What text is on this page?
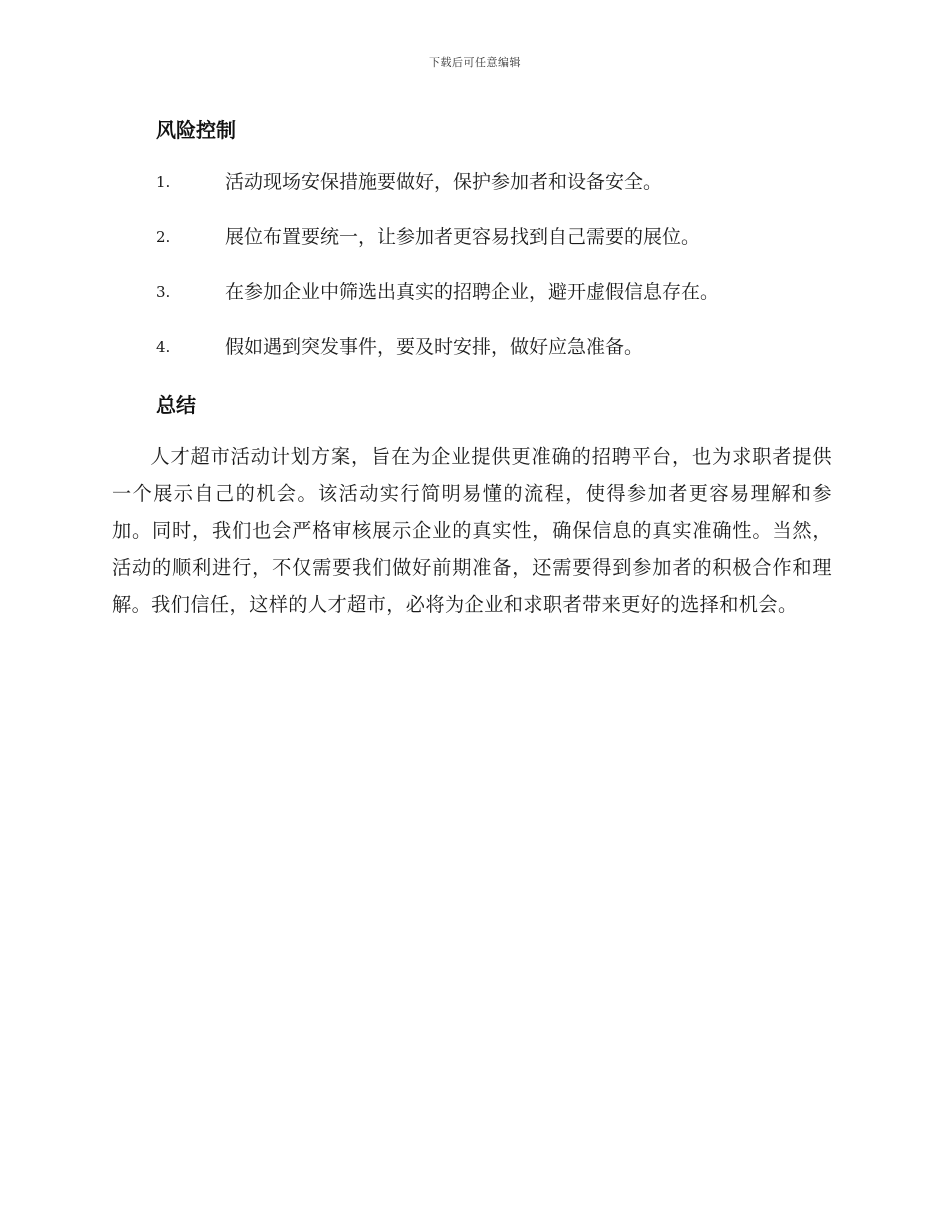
下载后可任意编辑
风险控制
1.	活动现场安保措施要做好，保护参加者和设备安全。
2.	展位布置要统一，让参加者更容易找到自己需要的展位。
3.	在参加企业中筛选出真实的招聘企业，避开虚假信息存在。
4.	假如遇到突发事件，要及时安排，做好应急准备。
总结

人才超市活动计划方案，旨在为企业提供更准确的招聘平台，也为求职者提供一个展示自己的机会。该活动实行简明易懂的流程，使得参加者更容易理解和参加。同时，我们也会严格审核展示企业的真实性，确保信息的真实准确性。当然，活动的顺利进行，不仅需要我们做好前期准备，还需要得到参加者的积极合作和理解。我们信任，这样的人才超市，必将为企业和求职者带来更好的选择和机会。
